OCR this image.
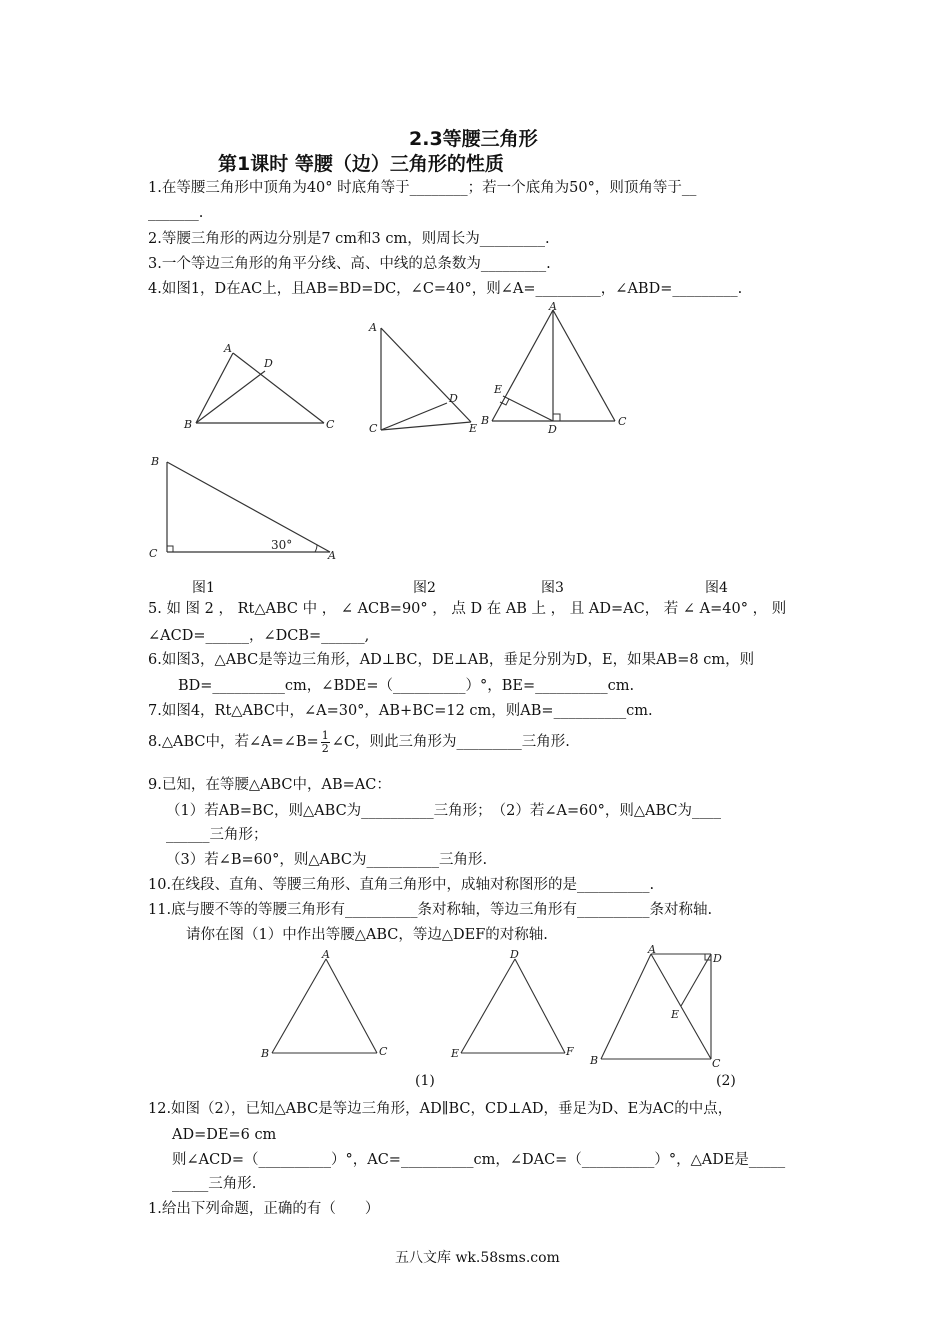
2.3等腰三角形
第1课时 等腰（边）三角形的性质
1.在等腰三角形中顶角为40° 时底角等于________；若一个底角为50°，则顶角等于__
_______.
2.等腰三角形的两边分别是7 cm和3 cm，则周长为_________.
3.一个等边三角形的角平分线、高、中线的总条数为_________.
4.如图1，D在AC上，且AB=BD=DC，∠C=40°，则∠A=_________，∠ABD=_________.
A
B	C
D
A
C
D
E
A
B	C
D
E
B
C	A
30°
图1	图2	图3	图4
5. 如 图 2 ， Rt△ABC 中 ， ∠ ACB=90° ， 点 D 在 AB 上 ， 且 AD=AC， 若 ∠ A=40° ， 则
∠ACD=______，∠DCB=______,
6.如图3，△ABC是等边三角形，AD⊥BC，DE⊥AB，垂足分别为D，E，如果AB=8 cm，则
BD=__________cm，∠BDE=（__________）°，BE=__________cm.
7.如图4，Rt△ABC中，∠A=30°，AB+BC=12 cm，则AB=__________cm.
8.△ABC中，若∠A=∠B= $\frac{1}{2}$ ∠C，则此三角形为_________三角形.
9.已知，在等腰△ABC中，AB=AC：
（1）若AB=BC，则△ABC为__________三角形；　（2）若∠A=60°，则△ABC为____
______三角形；
（3）若∠B=60°，则△ABC为__________三角形.
10.在线段、直角、等腰三角形、直角三角形中，成轴对称图形的是__________.
11.底与腰不等的等腰三角形有__________条对称轴，等边三角形有__________条对称轴.
请你在图（1）中作出等腰△ABC，等边△DEF的对称轴.
A
B	C
D
E	F
A
B	C
D
E
(1)	(2)
12.如图（2），已知△ABC是等边三角形，AD∥BC，CD⊥AD，垂足为D、E为AC的中点，
AD=DE=6 cm
则∠ACD=（__________）°，AC=__________cm，∠DAC=（__________）°，△ADE是_____
_____三角形.
1.给出下列命题，正确的有（　　）
五八文库 wk.58sms.com
